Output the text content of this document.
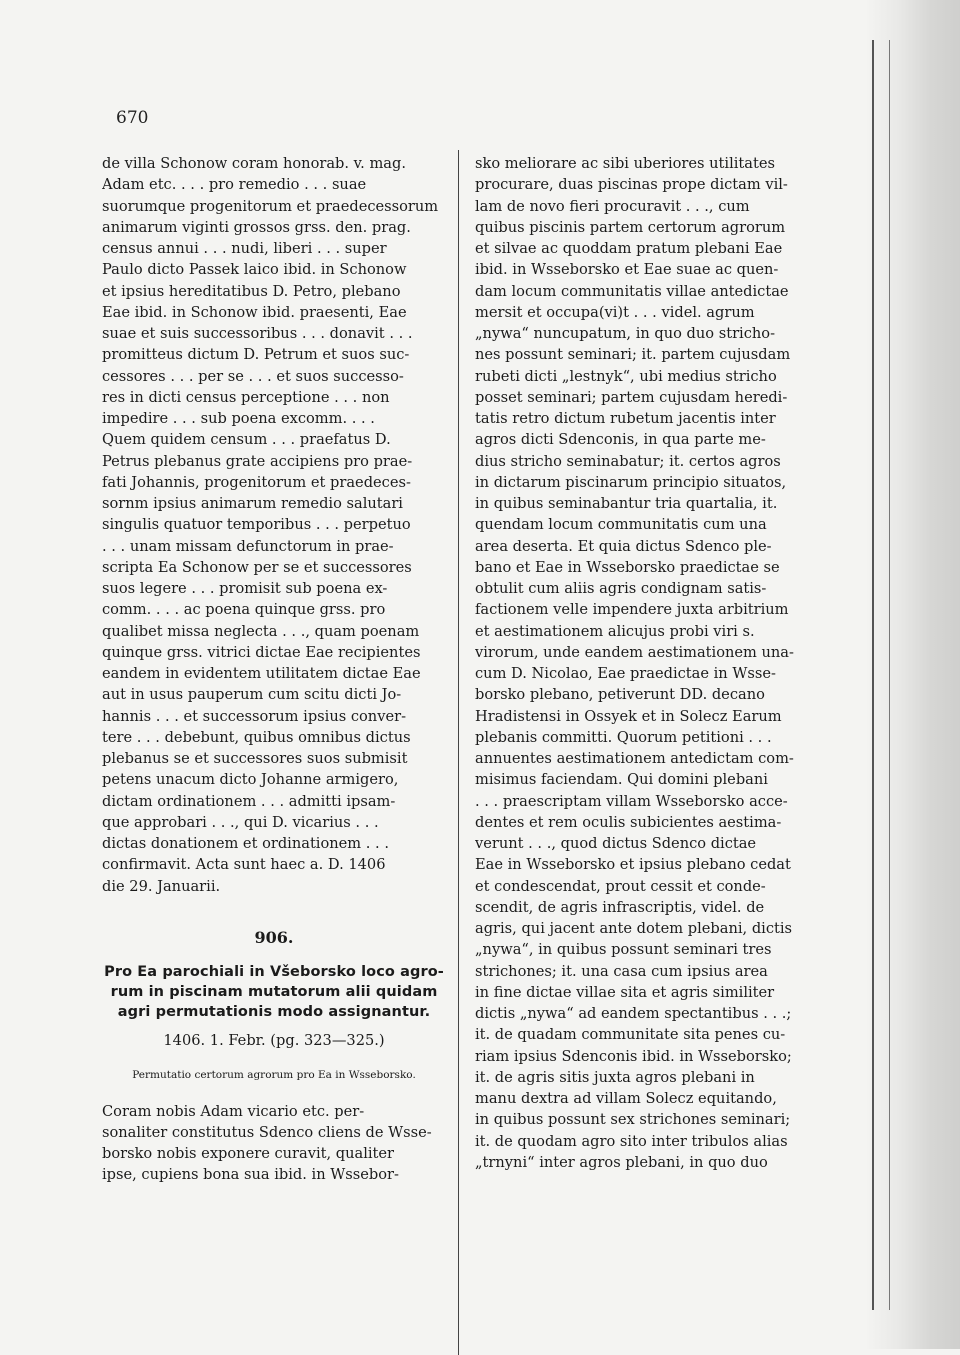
670
de villa Schonow coram honorab. v. mag.
Adam etc. . . . pro remedio . . . suae
suorumque progenitorum et praedecessorum
animarum viginti grossos grss. den. prag.
census annui . . . nudi, liberi . . . super
Paulo dicto Passek laico ibid. in Schonow
et ipsius hereditatibus D. Petro, plebano
Eae ibid. in Schonow ibid. praesenti, Eae
suae et suis successoribus . . . donavit . . .
promitteus dictum D. Petrum et suos suc-
cessores . . . per se . . . et suos successo-
res in dicti census perceptione . . . non
impedire . . . sub poena excomm. . . .
Quem quidem censum . . . praefatus D.
Petrus plebanus grate accipiens pro prae-
fati Johannis, progenitorum et praedeces-
sornm ipsius animarum remedio salutari
singulis quatuor temporibus . . . perpetuo
. . . unam missam defunctorum in prae-
scripta Ea Schonow per se et successores
suos legere . . . promisit sub poena ex-
comm. . . . ac poena quinque grss. pro
qualibet missa neglecta . . ., quam poenam
quinque grss. vitrici dictae Eae recipientes
eandem in evidentem utilitatem dictae Eae
aut in usus pauperum cum scitu dicti Jo-
hannis . . . et successorum ipsius conver-
tere . . . debebunt, quibus omnibus dictus
plebanus se et successores suos submisit
petens unacum dicto Johanne armigero,
dictam ordinationem . . . admitti ipsam-
que approbari . . ., qui D. vicarius . . .
dictas donationem et ordinationem . . .
confirmavit. Acta sunt haec a. D. 1406
die 29. Januarii.
906.
Pro Ea parochiali in Všeborsko loco agro-
rum in piscinam mutatorum alii quidam
agri permutationis modo assignantur.
1406. 1. Febr. (pg. 323—325.)
Permutatio certorum agrorum pro Ea in Wsseborsko.
Coram nobis Adam vicario etc. per-
sonaliter constitutus Sdenco cliens de Wsse-
borsko nobis exponere curavit, qualiter
ipse, cupiens bona sua ibid. in Wssebor-
sko meliorare ac sibi uberiores utilitates
procurare, duas piscinas prope dictam vil-
lam de novo fieri procuravit . . ., cum
quibus piscinis partem certorum agrorum
et silvae ac quoddam pratum plebani Eae
ibid. in Wsseborsko et Eae suae ac quen-
dam locum communitatis villae antedictae
mersit et occupa(vi)t . . . videl. agrum
„nywa“ nuncupatum, in quo duo stricho-
nes possunt seminari; it. partem cujusdam
rubeti dicti „lestnyk“, ubi medius stricho
posset seminari; partem cujusdam heredi-
tatis retro dictum rubetum jacentis inter
agros dicti Sdenconis, in qua parte me-
dius stricho seminabatur; it. certos agros
in dictarum piscinarum principio situatos,
in quibus seminabantur tria quartalia, it.
quendam locum communitatis cum una
area deserta. Et quia dictus Sdenco ple-
bano et Eae in Wsseborsko praedictae se
obtulit cum aliis agris condignam satis-
factionem velle impendere juxta arbitrium
et aestimationem alicujus probi viri s.
virorum, unde eandem aestimationem una-
cum D. Nicolao, Eae praedictae in Wsse-
borsko plebano, petiverunt DD. decano
Hradistensi in Ossyek et in Solecz Earum
plebanis committi. Quorum petitioni . . .
annuentes aestimationem antedictam com-
misimus faciendam. Qui domini plebani
. . . praescriptam villam Wsseborsko acce-
dentes et rem oculis subicientes aestima-
verunt . . ., quod dictus Sdenco dictae
Eae in Wsseborsko et ipsius plebano cedat
et condescendat, prout cessit et conde-
scendit, de agris infrascriptis, videl. de
agris, qui jacent ante dotem plebani, dictis
„nywa“, in quibus possunt seminari tres
strichones; it. una casa cum ipsius area
in fine dictae villae sita et agris similiter
dictis „nywa“ ad eandem spectantibus . . .;
it. de quadam communitate sita penes cu-
riam ipsius Sdenconis ibid. in Wsseborsko;
it. de agris sitis juxta agros plebani in
manu dextra ad villam Solecz equitando,
in quibus possunt sex strichones seminari;
it. de quodam agro sito inter tribulos alias
„trnyni“ inter agros plebani, in quo duo
